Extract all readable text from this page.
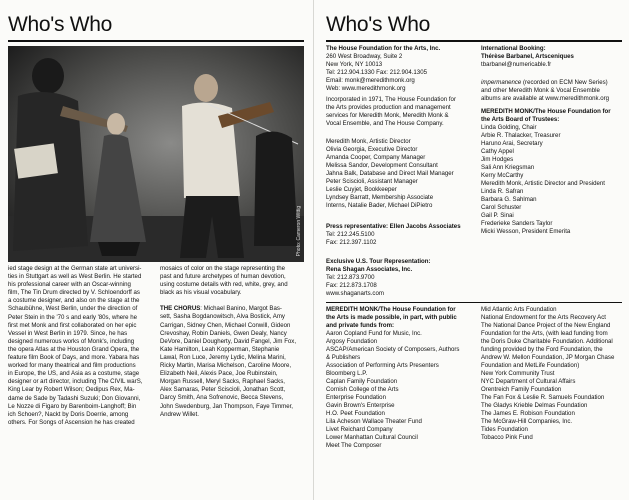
Who's Who
Photo: Cameron Wittig

ied stage design at the German state art universi-

ties in Stuttgart as well as West Berlin. He started

his professional career with an Oscar-winning

film, The Tin Drum directed by V. Schloendorff as

a costume designer, and also on the stage at the

Schaubühne, West Berlin, under the direction of

Peter Stein in the '70 s and early '80s, where he

first met Monk and first collaborated on her epic

Vessel in West Berlin in 1979. Since, he has

designed numerous works of Monk's, including

the opera Atlas at the Houston Grand Opera, the

feature film Book of Days, and more. Yabara has

worked for many theatrical and film productions

in Europe, the US, and Asia as a costume, stage

designer or art director, including The CIVIL warS,

King Lear by Robert Wilson; Oedipus Rex, Ma-

dame de Sade by Tadashi Suzuki; Don Giovanni,

Le Nozze di Figaro by Barenboim-Langhoff; Bin

ich Schoen?, Nackt by Doris Doerrie, among

others. For Songs of Ascension he has created

mosaics of color on the stage representing the

past and future archetypes of human devotion,

using costume details with red, white, grey, and

black as his visual vocabulary.

THE CHORUS: Michael Banino, Margot Bas-

sett, Sasha Bogdanowitsch, Alva Bostick, Amy

Carrigan, Sidney Chen, Michael Conwill, Gideon

Crevoshay, Robin Daniels, Gwen Dealy, Nancy

DeVore, Daniel Dougherty, David Fangel, Jim Fox,

Kate Hamilton, Leah Kopperman, Stephanie

Lawal, Ron Luce, Jeremy Lydic, Melina Marini,

Ricky Martin, Marisa Michelson, Caroline Moore,

Elizabeth Neil, Alexis Pace, Joe Rubinstein,

Morgan Russell, Meryl Sacks, Raphael Sacks,

Alex Samaras, Peter Sciscioli, Jonathan Scott,

Darcy Smith, Ana Sofrenovic, Becca Stevens,

John Swedenburg, Jan Thompson, Faye Timmer,

Andrew Willet.

Who's Who
The House Foundation for the Arts, Inc.
260 West Broadway, Suite 2
New York, NY 10013
Tel: 212.904.1330 Fax: 212.904.1305
Email: monk@meredithmonk.org
Web: www.meredithmonk.org
Incorporated in 1971, The House Foundation for
the Arts provides production and management
services for Meredith Monk, Meredith Monk &
Vocal Ensemble, and The House Company.
Meredith Monk, Artistic Director
Olivia Georgia, Executive Director
Amanda Cooper, Company Manager
Melissa Sandor, Development Consultant
Jahna Balk, Database and Direct Mail Manager
Peter Sciscioli, Assistant Manager
Leslie Cuyjet, Bookkeeper
Lyndsey Barratt, Membership Associate
Interns, Natalie Bader, Michael DiPietro
Press representative: Ellen Jacobs Associates
Tel: 212.245.5100
Fax: 212.397.1102
Exclusive U.S. Tour Representation:
Rena Shagan Associates, Inc.
Tel: 212.873.9700
Fax: 212.873.1708
www.shaganarts.com
International Booking:
Thérèse Barbanel, Artsceniques
tbarbanel@numericable.fr
impermanence (recorded on ECM New Series)
and other Meredith Monk & Vocal Ensemble
albums are available at www.meredithmonk.org
MEREDITH MONK/The House Foundation for
the Arts Board of Trustees:
Linda Golding, Chair
Arbie R. Thalacker, Treasurer
Haruno Arai, Secretary
Cathy Appel
Jim Hodges
Sali Ann Kriegsman
Kerry McCarthy
Meredith Monk, Artistic Director and President
Linda R. Safran
Barbara G. Sahlman
Carol Schuster
Gail P. Sinai
Frederieke Sanders Taylor
Micki Wesson, President Emerita
MEREDITH MONK/The House Foundation for
the Arts is made possible, in part, with public
and private funds from:
Aaron Copland Fund for Music, Inc.
Argosy Foundation
ASCAP/American Society of Composers, Authors
& Publishers
Association of Performing Arts Presenters
Bloomberg L.P.
Caplan Family Foundation
Cornish College of the Arts
Enterprise Foundation
Gavin Brown's Enterprise
H.O. Peet Foundation
Lila Acheson Wallace Theater Fund
Livet Reichard Company
Lower Manhattan Cultural Council
Meet The Composer
Mid Atlantic Arts Foundation
National Endowment for the Arts Recovery Act
The National Dance Project of the New England
Foundation for the Arts, (with lead funding from
the Doris Duke Charitable Foundation. Additional
funding provided by the Ford Foundation, the
Andrew W. Mellon Foundation, JP Morgan Chase
Foundation and MetLife Foundation)
New York Community Trust
NYC Department of Cultural Affairs
Orentreich Family Foundation
The Fan Fox & Leslie R. Samuels Foundation
The Gladys Krieble Delmas Foundation
The James E. Robison Foundation
The McGraw-Hill Companies, Inc.
Tides Foundation
Tobacco Pink Fund
